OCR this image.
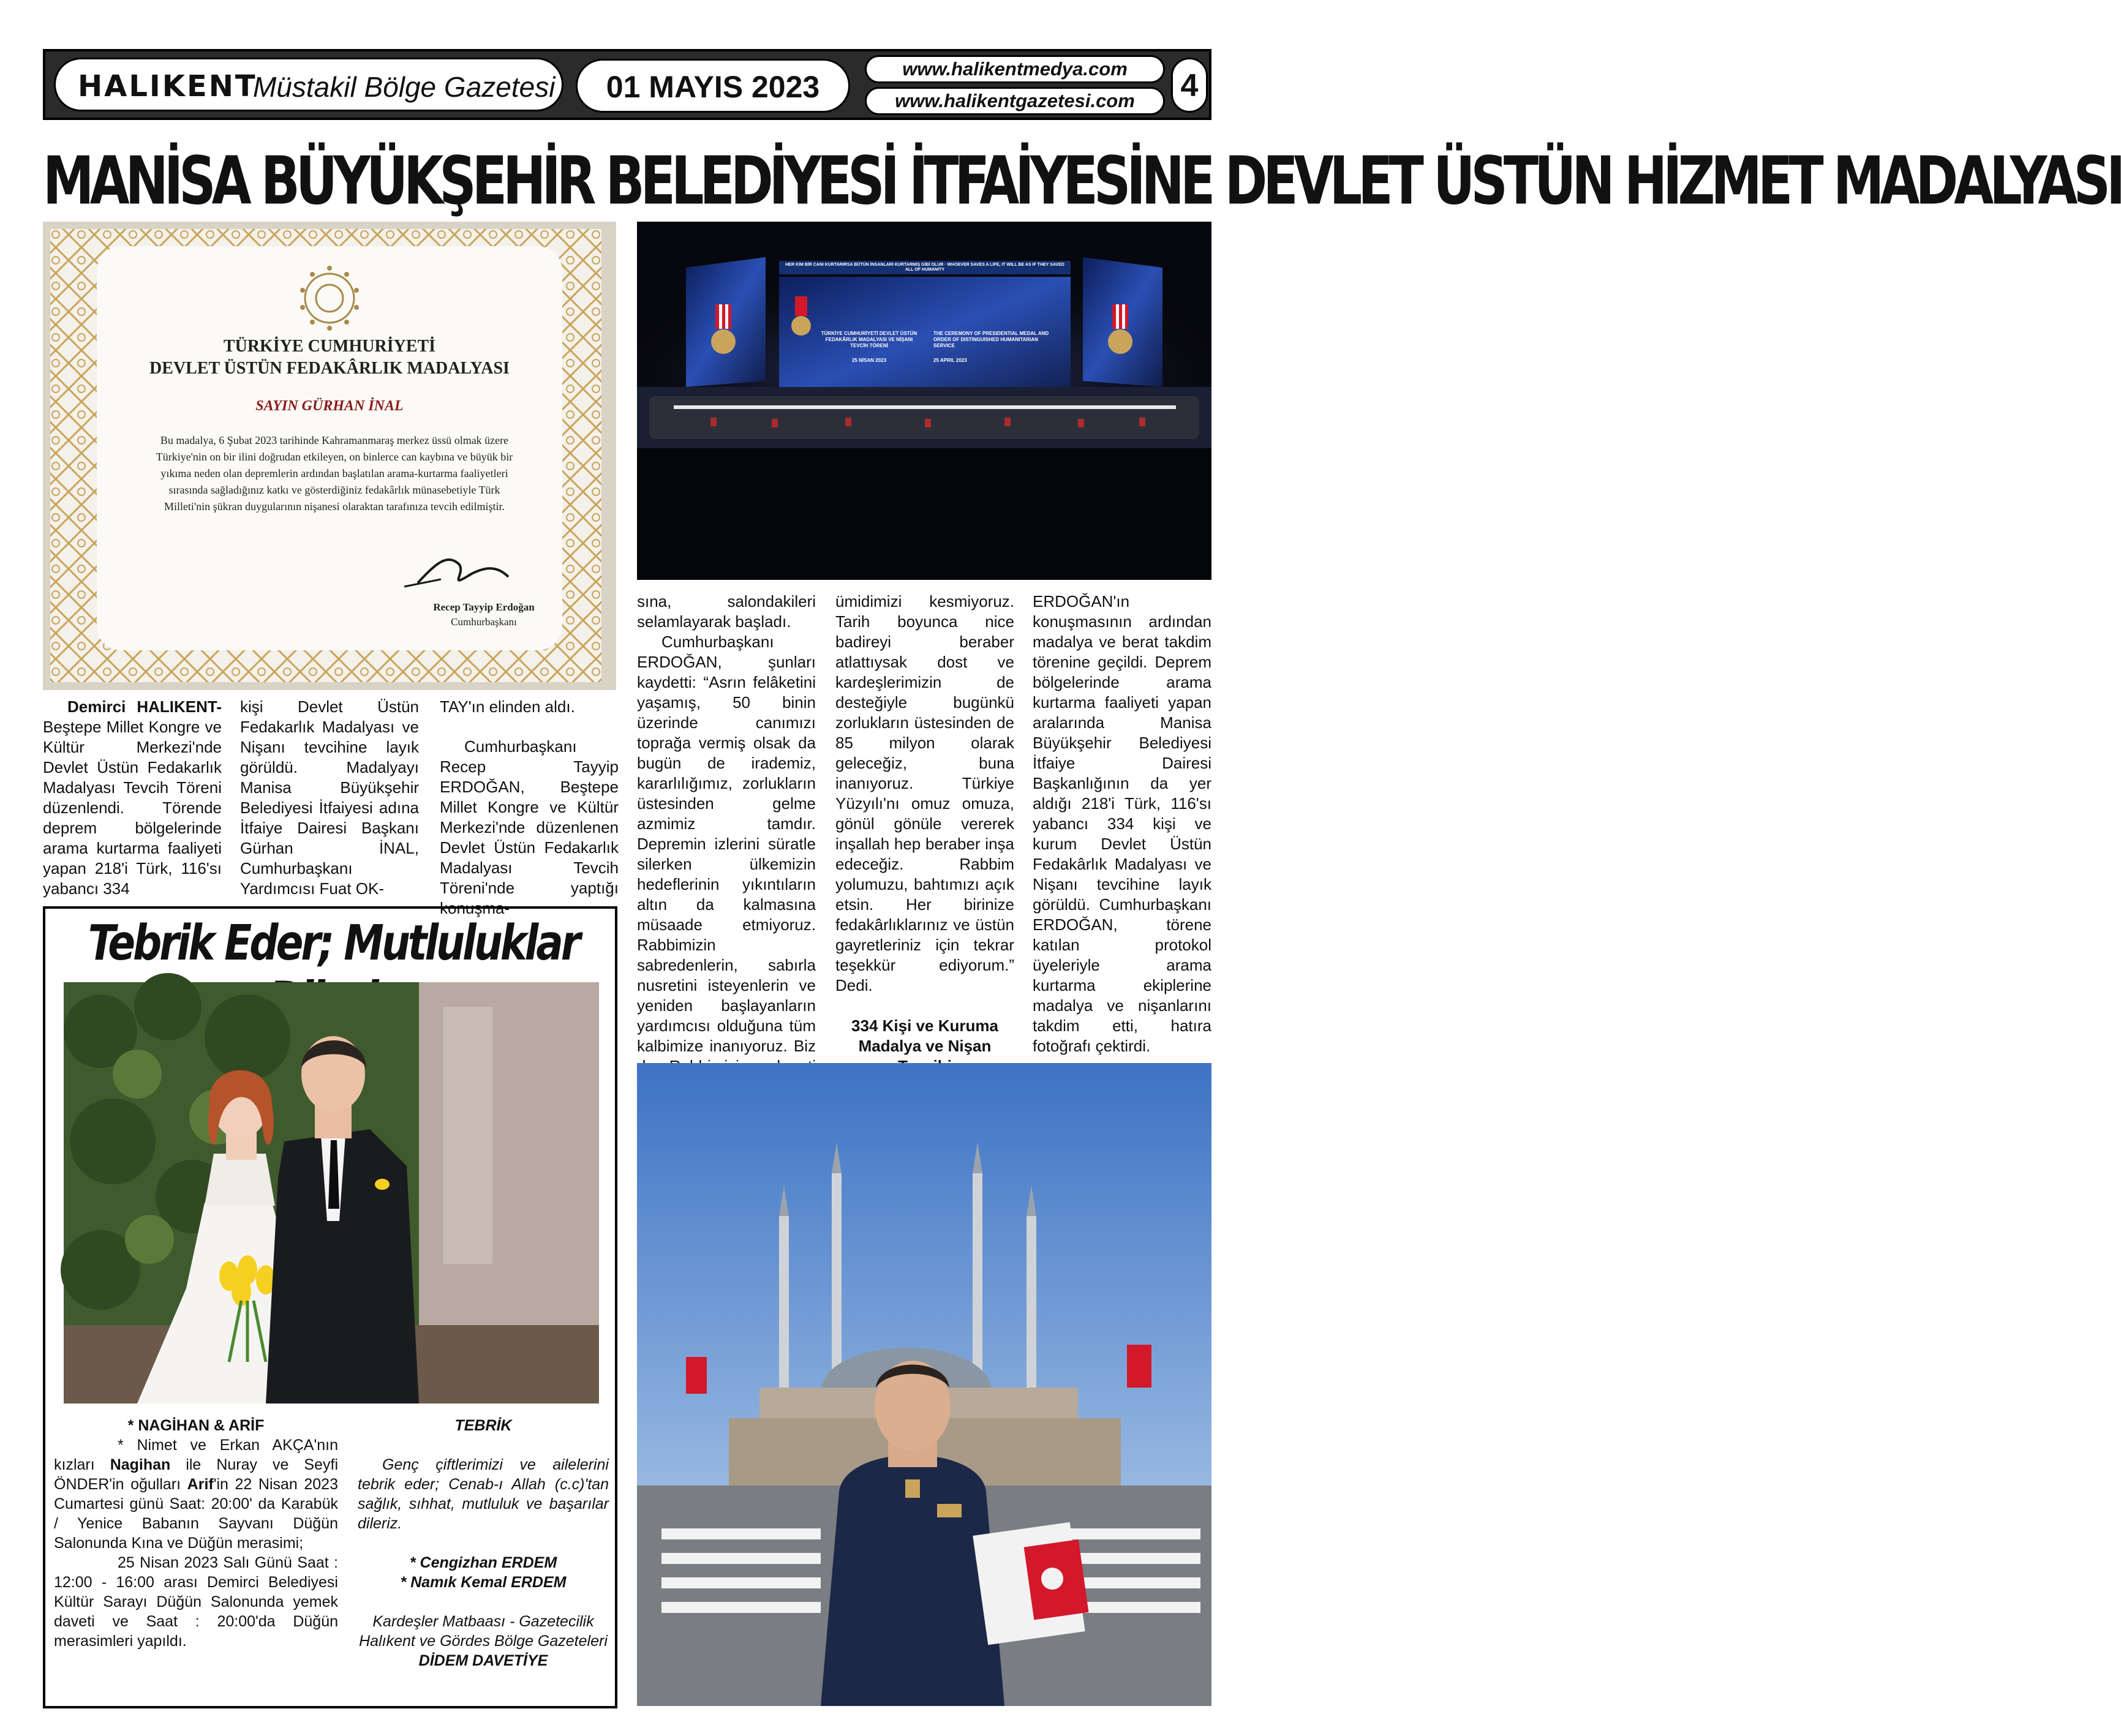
HALIKENT
Müstakil Bölge Gazetesi	01 MAYIS 2023
www.halikentmedya.com
www.halikentgazetesi.com	4
MANİSA BÜYÜKŞEHİR BELEDİYESİ İTFAİYESİNE DEVLET ÜSTÜN HİZMET MADALYASI
TÜRKİYE CUMHURİYETİ
DEVLET ÜSTÜN FEDAKÂRLIK MADALYASI
SAYIN GÜRHAN İNAL
Bu madalya, 6 Şubat 2023 tarihinde Kahramanmaraş merkez üssü olmak üzere Türkiye'nin on bir ilini doğrudan etkileyen, on binlerce can kaybına ve büyük bir yıkıma neden olan depremlerin ardından başlatılan arama-kurtarma faaliyetleri sırasında sağladığınız katkı ve gösterdiğiniz fedakârlık münasebetiyle Türk Milleti'nin şükran duygularının nişanesi olaraktan tarafınıza tevcih edilmiştir.
Recep Tayyip Erdoğan
Cumhurbaşkanı
HER KİM BİR CANI KURTARIRSA BÜTÜN İNSANLARI KURTARMIŞ GİBİ OLUR · WHOEVER SAVES A LIFE, IT WILL BE AS IF THEY SAVED ALL OF HUMANITY
TÜRKİYE CUMHURİYETİ DEVLET ÜSTÜN FEDAKÂRLIK MADALYASI VE NİŞANI TEVCİH TÖRENİ
25 NİSAN 2023
THE CEREMONY OF PRESIDENTIAL MEDAL AND ORDER OF DISTINGUISHED HUMANITARIAN SERVICE
25 APRIL 2023

Demirci HALIKENT- Beştepe Millet Kongre ve Kültür Merkezi'nde Devlet Üstün Fedakarlık Madalyası Tevcih Töreni düzenlendi. Törende deprem bölgelerinde arama kurtarma faaliyeti yapan 218'i Türk, 116'sı yabancı 334

kişi Devlet Üstün Fedakarlık Madalyası ve Nişanı tevcihine layık görüldü. Madalyayı Manisa Büyükşehir Belediyesi İtfaiyesi adına İtfaiye Dairesi Başkanı Gürhan İNAL, Cumhurbaşkanı Yardımcısı Fuat OK-

TAY'ın elinden aldı.

Cumhurbaşkanı Recep Tayyip ERDOĞAN, Beştepe Millet Kongre ve Kültür Merkezi'nde düzenlenen Devlet Üstün Fedakarlık Madalyası Tevcih Töreni'nde yaptığı konuşma-

sına, salondakileri selamlayarak başladı.

Cumhurbaşkanı ERDOĞAN, şunları kaydetti: “Asrın felâketini yaşamış, 50 binin üzerinde canımızı toprağa vermiş olsak da bugün de irademiz, kararlılığımız, zorlukların üstesinden gelme azmimiz tamdır. Depremin izlerini süratle silerken ülkemizin hedeflerinin yıkıntıların altın da kalmasına müsaade etmiyoruz. Rabbimizin sabredenlerin, sabırla nusretini isteyenlerin ve yeniden başlayanların yardımcısı olduğuna tüm kalbimize inanıyoruz. Biz

ümidimizi kesmiyoruz. Tarih boyunca nice badireyi beraber atlattıysak dost ve kardeşlerimizin de desteğiyle bugünkü zorlukların üstesinden de 85 milyon olarak geleceğiz, buna inanıyoruz. Türkiye Yüzyılı'nı omuz omuza, gönül gönüle vererek inşallah hep beraber inşa edeceğiz. Rabbim yolumuzu, bahtımızı açık etsin. Her birinize fedakârlıklarınız ve üstün gayretleriniz için tekrar teşekkür ediyorum.” Dedi.

334 Kişi ve Kuruma Madalya ve Nişan

ERDOĞAN'ın konuşmasının ardından madalya ve berat takdim törenine geçildi. Deprem bölgelerinde arama kurtarma faaliyeti yapan aralarında Manisa Büyükşehir Belediyesi İtfaiye Dairesi Başkanlığının da yer aldığı 218'i Türk, 116'sı yabancı 334 kişi ve kurum Devlet Üstün Fedakârlık Madalyası ve Nişanı tevcihine layık görüldü. Cumhurbaşkanı ERDOĞAN, törene katılan protokol üyeleriyle arama kurtarma ekiplerine madalya ve nişanlarını takdim etti, hatıra fotoğrafı çektirdi.

Tebrik Eder; Mutluluklar

* NAGİHAN & ARİF

* Nimet ve Erkan AKÇA'nın kızları Nagihan ile Nuray ve Seyfi ÖNDER'in oğulları Arif'in 22 Nisan 2023 Cumartesi günü Saat: 20:00' da Karabük / Yenice Babanın Sayvanı Düğün Salonunda Kına ve Düğün merasimi;

25 Nisan 2023 Salı Günü Saat : 12:00 - 16:00 arası Demirci Belediyesi Kültür Sarayı Düğün Salonunda yemek daveti ve Saat : 20:00'da Düğün merasimleri yapıldı.

TEBRİK

Genç çiftlerimizi ve ailelerini tebrik eder; Cenab-ı Allah (c.c)'tan sağlık, sıhhat, mutluluk ve başarılar dileriz.

* Cengizhan ERDEM

* Namık Kemal ERDEM

Kardeşler Matbaası - Gazetecilik

Halıkent ve Gördes Bölge Gazeteleri

DİDEM DAVETİYE
